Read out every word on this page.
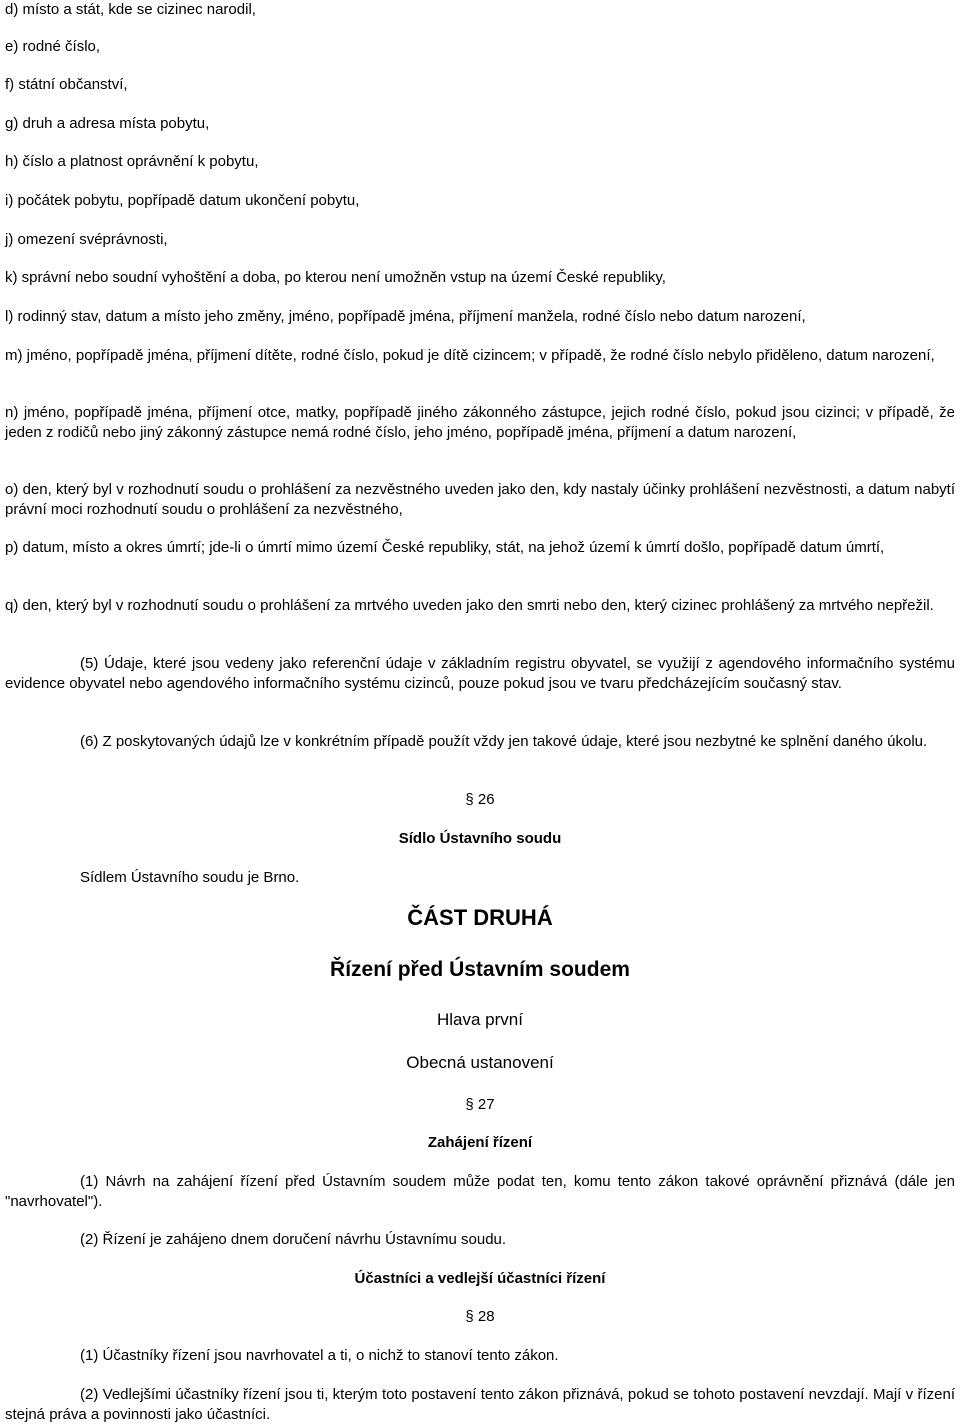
d) místo a stát, kde se cizinec narodil,
e) rodné číslo,
f) státní občanství,
g) druh a adresa místa pobytu,
h) číslo a platnost oprávnění k pobytu,
i) počátek pobytu, popřípadě datum ukončení pobytu,
j) omezení svéprávnosti,
k) správní nebo soudní vyhoštění a doba, po kterou není umožněn vstup na území České republiky,
l) rodinný stav, datum a místo jeho změny, jméno, popřípadě jména, příjmení manžela, rodné číslo nebo datum narození,
m) jméno, popřípadě jména, příjmení dítěte, rodné číslo, pokud je dítě cizincem; v případě, že rodné číslo nebylo přiděleno, datum narození,
n) jméno, popřípadě jména, příjmení otce, matky, popřípadě jiného zákonného zástupce, jejich rodné číslo, pokud jsou cizinci; v případě, že jeden z rodičů nebo jiný zákonný zástupce nemá rodné číslo, jeho jméno, popřípadě jména, příjmení a datum narození,
o) den, který byl v rozhodnutí soudu o prohlášení za nezvěstného uveden jako den, kdy nastaly účinky prohlášení nezvěstnosti, a datum nabytí právní moci rozhodnutí soudu o prohlášení za nezvěstného,
p) datum, místo a okres úmrtí; jde-li o úmrtí mimo území České republiky, stát, na jehož území k úmrtí došlo, popřípadě datum úmrtí,
q) den, který byl v rozhodnutí soudu o prohlášení za mrtvého uveden jako den smrti nebo den, který cizinec prohlášený za mrtvého nepřežil.
(5) Údaje, které jsou vedeny jako referenční údaje v základním registru obyvatel, se využijí z agendového informačního systému evidence obyvatel nebo agendového informačního systému cizinců, pouze pokud jsou ve tvaru předcházejícím současný stav.
(6) Z poskytovaných údajů lze v konkrétním případě použít vždy jen takové údaje, které jsou nezbytné ke splnění daného úkolu.
§ 26
Sídlo Ústavního soudu
Sídlem Ústavního soudu je Brno.
ČÁST DRUHÁ
Řízení před Ústavním soudem
Hlava první
Obecná ustanovení
§ 27
Zahájení řízení
(1) Návrh na zahájení řízení před Ústavním soudem může podat ten, komu tento zákon takové oprávnění přiznává (dále jen "navrhovatel").
(2) Řízení je zahájeno dnem doručení návrhu Ústavnímu soudu.
Účastníci a vedlejší účastníci řízení
§ 28
(1) Účastníky řízení jsou navrhovatel a ti, o nichž to stanoví tento zákon.
(2) Vedlejšími účastníky řízení jsou ti, kterým toto postavení tento zákon přiznává, pokud se tohoto postavení nevzdají. Mají v řízení stejná práva a povinnosti jako účastníci.
